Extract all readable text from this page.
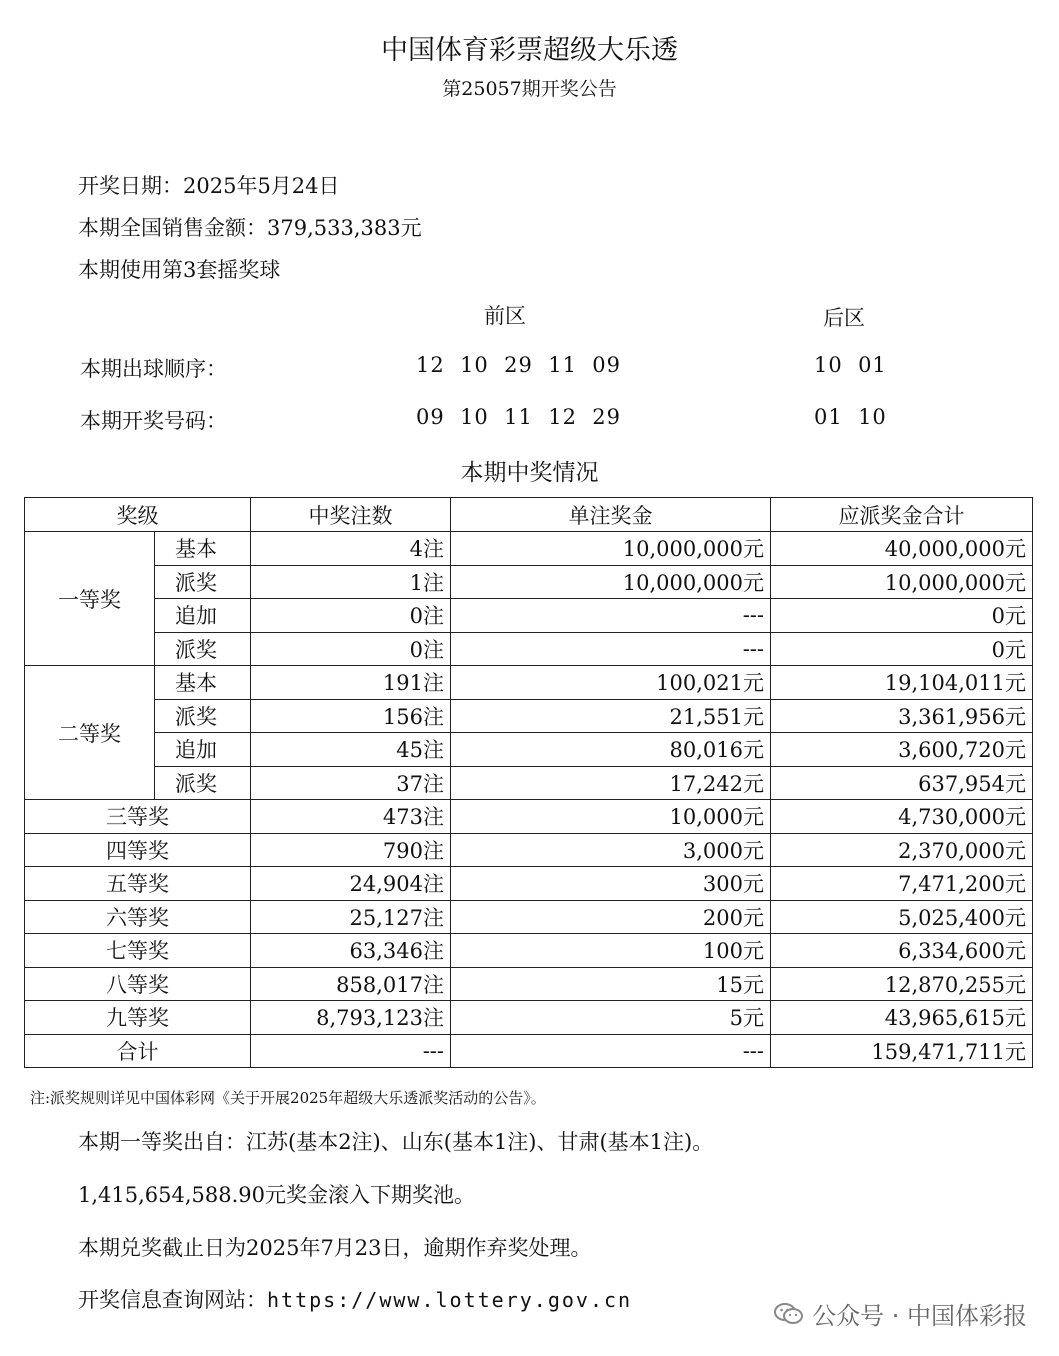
中国体育彩票超级大乐透
第25057期开奖公告
开奖日期：2025年5月24日
本期全国销售金额：379,533,383元
本期使用第3套摇奖球
前区	后区
本期出球顺序：	12  10  29  11  09	10  01
本期开奖号码：	09  10  11  12  29	01  10
本期中奖情况
奖级		中奖注数	单注奖金	应派奖金合计
一等奖	基本	4注	10,000,000元	40,000,000元
	派奖	1注	10,000,000元	10,000,000元
	追加	0注	---	0元
	派奖	0注	---	0元
二等奖	基本	191注	100,021元	19,104,011元
	派奖	156注	21,551元	3,361,956元
	追加	45注	80,016元	3,600,720元
	派奖	37注	17,242元	637,954元
三等奖		473注	10,000元	4,730,000元
四等奖		790注	3,000元	2,370,000元
五等奖		24,904注	300元	7,471,200元
六等奖		25,127注	200元	5,025,400元
七等奖		63,346注	100元	6,334,600元
八等奖		858,017注	15元	12,870,255元
九等奖		8,793,123注	5元	43,965,615元
合计		---	---	159,471,711元
注:派奖规则详见中国体彩网《关于开展2025年超级大乐透派奖活动的公告》。
本期一等奖出自：江苏(基本2注)、山东(基本1注)、甘肃(基本1注)。
1,415,654,588.90元奖金滚入下期奖池。
本期兑奖截止日为2025年7月23日，逾期作弃奖处理。
开奖信息查询网站：https://www.lottery.gov.cn
公众号 · 中国体彩报
